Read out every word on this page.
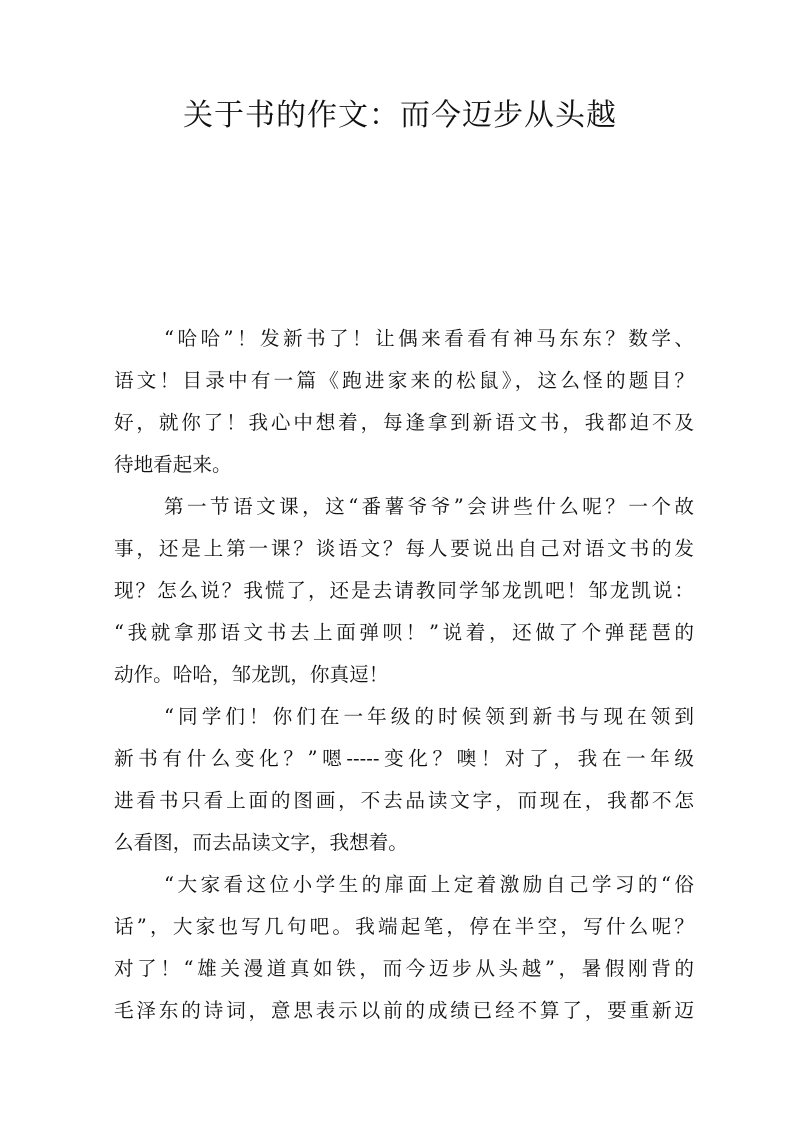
关于书的作文：而今迈步从头越
“哈哈”！发新书了！让偶来看看有神马东东？数学、
语文！目录中有一篇《跑进家来的松鼠》，这么怪的题目？
好，就你了！我心中想着，每逢拿到新语文书，我都迫不及
待地看起来。
第一节语文课，这“番薯爷爷”会讲些什么呢？一个故
事，还是上第一课？谈语文？每人要说出自己对语文书的发
现？怎么说？我慌了，还是去请教同学邹龙凯吧！邹龙凯说：
“我就拿那语文书去上面弹呗！”说着，还做了个弹琵琶的
动作。哈哈，邹龙凯，你真逗！
“同学们！你们在一年级的时候领到新书与现在领到
新书有什么变化？”嗯-----变化？噢！对了，我在一年级
进看书只看上面的图画，不去品读文字，而现在，我都不怎
么看图，而去品读文字，我想着。
“大家看这位小学生的扉面上定着激励自己学习的“俗
话”，大家也写几句吧。我端起笔，停在半空，写什么呢？
对了！“雄关漫道真如铁，而今迈步从头越”，暑假刚背的
毛泽东的诗词，意思表示以前的成绩已经不算了，要重新迈
